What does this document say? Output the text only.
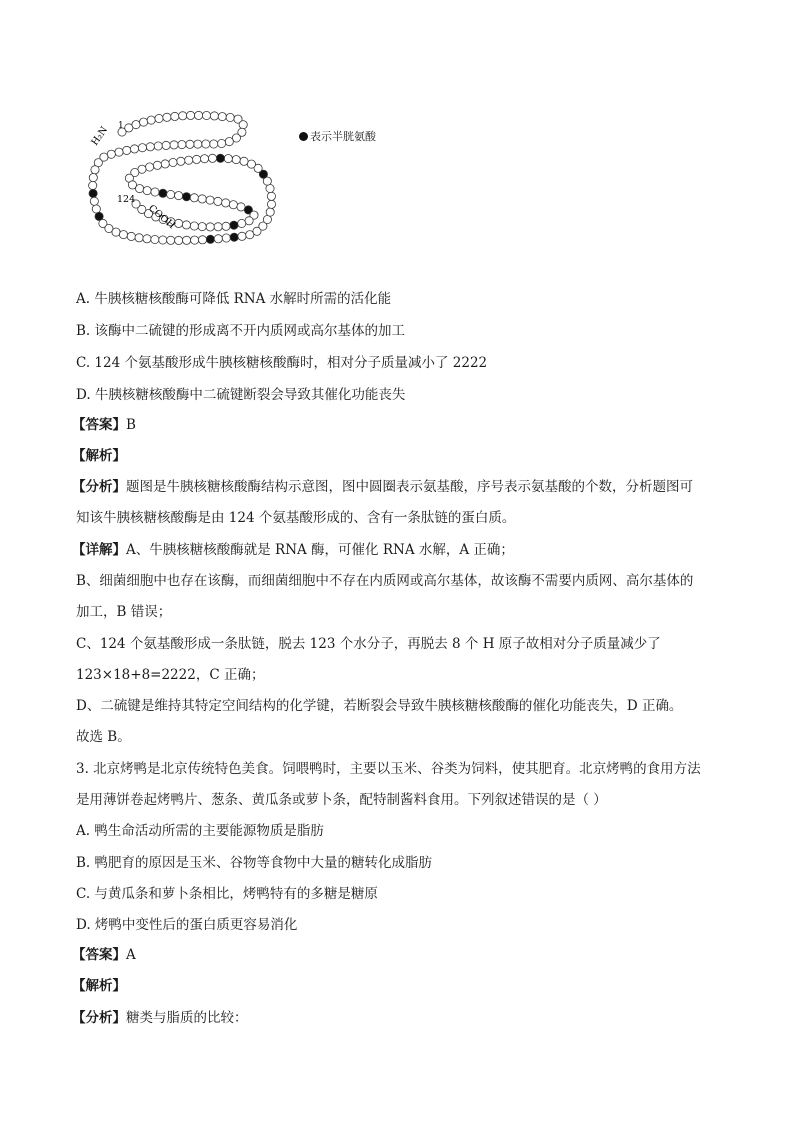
H₂N 1
124
COOH
表示半胱氨酸
A. 牛胰核糖核酸酶可降低 RNA 水解时所需的活化能
B. 该酶中二硫键的形成离不开内质网或高尔基体的加工
C. 124 个氨基酸形成牛胰核糖核酸酶时，相对分子质量减小了 2222
D. 牛胰核糖核酸酶中二硫键断裂会导致其催化功能丧失
【答案】B
【解析】
【分析】题图是牛胰核糖核酸酶结构示意图，图中圆圈表示氨基酸，序号表示氨基酸的个数，分析题图可
知该牛胰核糖核酸酶是由 124 个氨基酸形成的、含有一条肽链的蛋白质。
【详解】A、牛胰核糖核酸酶就是 RNA 酶，可催化 RNA 水解，A 正确；
B、细菌细胞中也存在该酶，而细菌细胞中不存在内质网或高尔基体，故该酶不需要内质网、高尔基体的
加工，B 错误；
C、124 个氨基酸形成一条肽链，脱去 123 个水分子，再脱去 8 个 H 原子故相对分子质量减少了
123×18+8=2222，C 正确；
D、二硫键是维持其特定空间结构的化学键，若断裂会导致牛胰核糖核酸酶的催化功能丧失，D 正确。
故选 B。
3. 北京烤鸭是北京传统特色美食。饲喂鸭时，主要以玉米、谷类为饲料，使其肥育。北京烤鸭的食用方法
是用薄饼卷起烤鸭片、葱条、黄瓜条或萝卜条，配特制酱料食用。下列叙述错误的是（ ）
A. 鸭生命活动所需的主要能源物质是脂肪
B. 鸭肥育的原因是玉米、谷物等食物中大量的糖转化成脂肪
C. 与黄瓜条和萝卜条相比，烤鸭特有的多糖是糖原
D. 烤鸭中变性后的蛋白质更容易消化
【答案】A
【解析】
【分析】糖类与脂质的比较：
